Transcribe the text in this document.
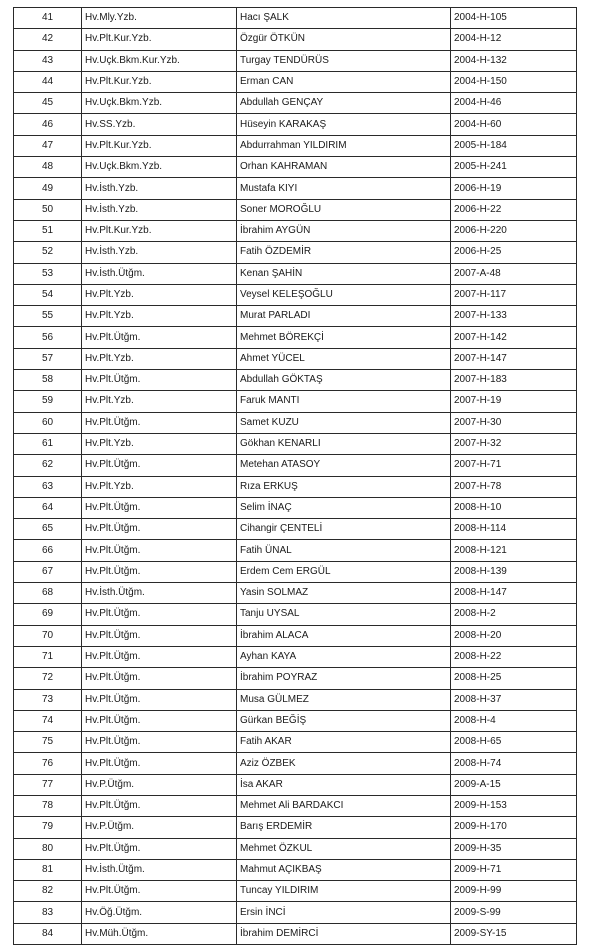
41	Hv.Mly.Yzb.	Hacı ŞALK	2004-H-105
42	Hv.Plt.Kur.Yzb.	Özgür ÖTKÜN	2004-H-12
43	Hv.Uçk.Bkm.Kur.Yzb.	Turgay TENDÜRÜS	2004-H-132
44	Hv.Plt.Kur.Yzb.	Erman CAN	2004-H-150
45	Hv.Uçk.Bkm.Yzb.	Abdullah GENÇAY	2004-H-46
46	Hv.SS.Yzb.	Hüseyin KARAKAŞ	2004-H-60
47	Hv.Plt.Kur.Yzb.	Abdurrahman YILDIRIM	2005-H-184
48	Hv.Uçk.Bkm.Yzb.	Orhan KAHRAMAN	2005-H-241
49	Hv.İsth.Yzb.	Mustafa KIYI	2006-H-19
50	Hv.İsth.Yzb.	Soner MOROĞLU	2006-H-22
51	Hv.Plt.Kur.Yzb.	İbrahim AYGÜN	2006-H-220
52	Hv.İsth.Yzb.	Fatih ÖZDEMİR	2006-H-25
53	Hv.İsth.Ütğm.	Kenan ŞAHİN	2007-A-48
54	Hv.Plt.Yzb.	Veysel KELEŞOĞLU	2007-H-117
55	Hv.Plt.Yzb.	Murat PARLADI	2007-H-133
56	Hv.Plt.Ütğm.	Mehmet BÖREKÇİ	2007-H-142
57	Hv.Plt.Yzb.	Ahmet YÜCEL	2007-H-147
58	Hv.Plt.Ütğm.	Abdullah GÖKTAŞ	2007-H-183
59	Hv.Plt.Yzb.	Faruk MANTI	2007-H-19
60	Hv.Plt.Ütğm.	Samet KUZU	2007-H-30
61	Hv.Plt.Yzb.	Gökhan KENARLI	2007-H-32
62	Hv.Plt.Ütğm.	Metehan ATASOY	2007-H-71
63	Hv.Plt.Yzb.	Rıza ERKUŞ	2007-H-78
64	Hv.Plt.Ütğm.	Selim İNAÇ	2008-H-10
65	Hv.Plt.Ütğm.	Cihangir ÇENTELİ	2008-H-114
66	Hv.Plt.Ütğm.	Fatih ÜNAL	2008-H-121
67	Hv.Plt.Ütğm.	Erdem Cem ERGÜL	2008-H-139
68	Hv.İsth.Ütğm.	Yasin SOLMAZ	2008-H-147
69	Hv.Plt.Ütğm.	Tanju UYSAL	2008-H-2
70	Hv.Plt.Ütğm.	İbrahim ALACA	2008-H-20
71	Hv.Plt.Ütğm.	Ayhan KAYA	2008-H-22
72	Hv.Plt.Ütğm.	İbrahim POYRAZ	2008-H-25
73	Hv.Plt.Ütğm.	Musa GÜLMEZ	2008-H-37
74	Hv.Plt.Ütğm.	Gürkan BEĞİŞ	2008-H-4
75	Hv.Plt.Ütğm.	Fatih AKAR	2008-H-65
76	Hv.Plt.Ütğm.	Aziz ÖZBEK	2008-H-74
77	Hv.P.Ütğm.	İsa AKAR	2009-A-15
78	Hv.Plt.Ütğm.	Mehmet Ali BARDAKCI	2009-H-153
79	Hv.P.Ütğm.	Barış ERDEMİR	2009-H-170
80	Hv.Plt.Ütğm.	Mehmet ÖZKUL	2009-H-35
81	Hv.İsth.Ütğm.	Mahmut AÇIKBAŞ	2009-H-71
82	Hv.Plt.Ütğm.	Tuncay YILDIRIM	2009-H-99
83	Hv.Öğ.Ütğm.	Ersin İNCİ	2009-S-99
84	Hv.Müh.Ütğm.	İbrahim DEMİRCİ	2009-SY-15
